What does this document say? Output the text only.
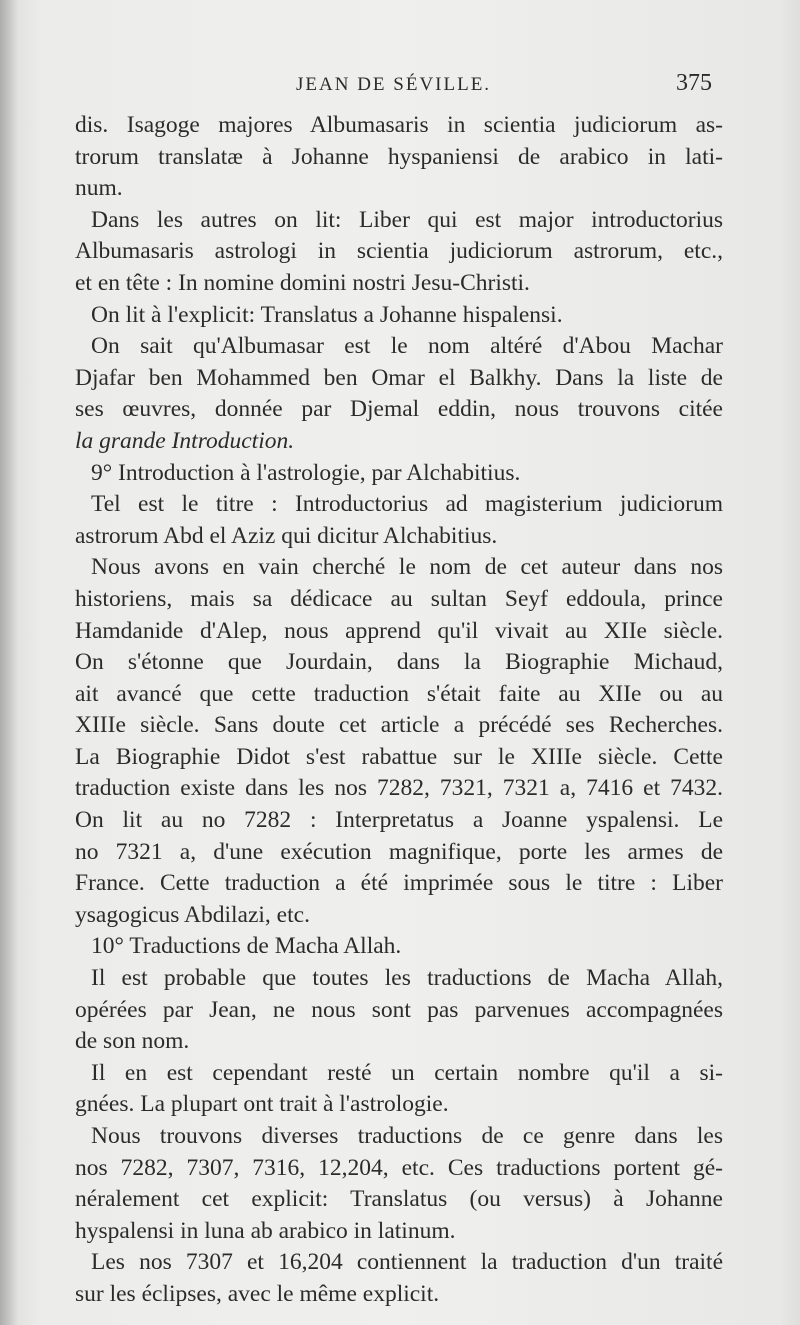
JEAN DE SÉVILLE.	375
dis. Isagoge majores Albumasaris in scientia judiciorum as-
trorum translatæ à Johanne hyspaniensi de arabico in lati-
num.
Dans les autres on lit: Liber qui est major introductorius
Albumasaris astrologi in scientia judiciorum astrorum, etc.,
et en tête : In nomine domini nostri Jesu-Christi.
On lit à l'explicit: Translatus a Johanne hispalensi.
On sait qu'Albumasar est le nom altéré d'Abou Machar
Djafar ben Mohammed ben Omar el Balkhy. Dans la liste de
ses œuvres, donnée par Djemal eddin, nous trouvons citée
la grande Introduction.
9° Introduction à l'astrologie, par Alchabitius.
Tel est le titre : Introductorius ad magisterium judiciorum
astrorum Abd el Aziz qui dicitur Alchabitius.
Nous avons en vain cherché le nom de cet auteur dans nos
historiens, mais sa dédicace au sultan Seyf eddoula, prince
Hamdanide d'Alep, nous apprend qu'il vivait au XIIe siècle.
On s'étonne que Jourdain, dans la Biographie Michaud,
ait avancé que cette traduction s'était faite au XIIe ou au
XIIIe siècle. Sans doute cet article a précédé ses Recherches.
La Biographie Didot s'est rabattue sur le XIIIe siècle. Cette
traduction existe dans les nos 7282, 7321, 7321 a, 7416 et 7432.
On lit au no 7282 : Interpretatus a Joanne yspalensi. Le
no 7321 a, d'une exécution magnifique, porte les armes de
France. Cette traduction a été imprimée sous le titre : Liber
ysagogicus Abdilazi, etc.
10° Traductions de Macha Allah.
Il est probable que toutes les traductions de Macha Allah,
opérées par Jean, ne nous sont pas parvenues accompagnées
de son nom.
Il en est cependant resté un certain nombre qu'il a si-
gnées. La plupart ont trait à l'astrologie.
Nous trouvons diverses traductions de ce genre dans les
nos 7282, 7307, 7316, 12,204, etc. Ces traductions portent gé-
néralement cet explicit: Translatus (ou versus) à Johanne
hyspalensi in luna ab arabico in latinum.
Les nos 7307 et 16,204 contiennent la traduction d'un traité
sur les éclipses, avec le même explicit.
